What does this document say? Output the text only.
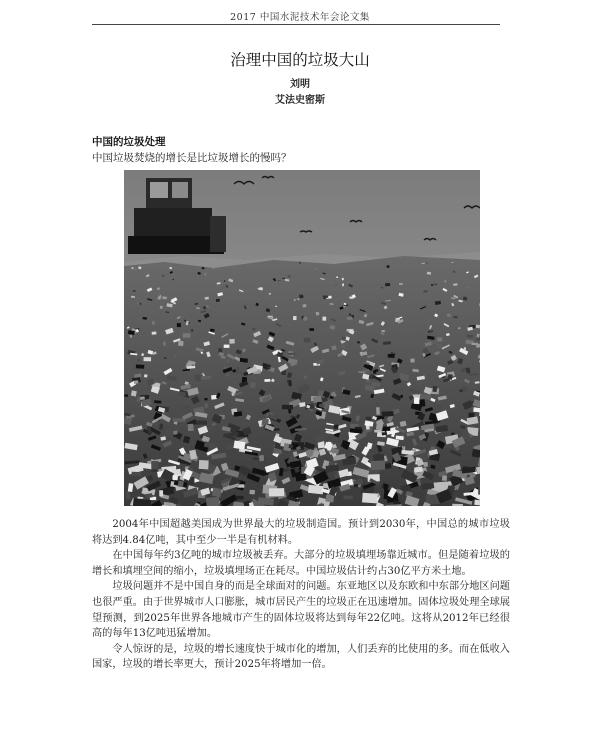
2017 中国水泥技术年会论文集
治理中国的垃圾大山
刘明
艾法史密斯
中国的垃圾处理
中国垃圾焚烧的增长是比垃圾增长的慢吗？

2004年中国超越美国成为世界最大的垃圾制造国。预计到2030年，中国总的城市垃圾将达到4.84亿吨，其中至少一半是有机材料。

在中国每年约3亿吨的城市垃圾被丢弃。大部分的垃圾填埋场靠近城市。但是随着垃圾的增长和填埋空间的缩小，垃圾填埋场正在耗尽。中国垃圾估计约占30亿平方米土地。

垃圾问题并不是中国自身的而是全球面对的问题。东亚地区以及东欧和中东部分地区问题也很严重。由于世界城市人口膨胀，城市居民产生的垃圾正在迅速增加。固体垃圾处理全球展望预测，到2025年世界各地城市产生的固体垃圾将达到每年22亿吨。这将从2012年已经很高的每年13亿吨迅猛增加。

令人惊讶的是，垃圾的增长速度快于城市化的增加，人们丢弃的比使用的多。而在低收入国家，垃圾的增长率更大，预计2025年将增加一倍。
